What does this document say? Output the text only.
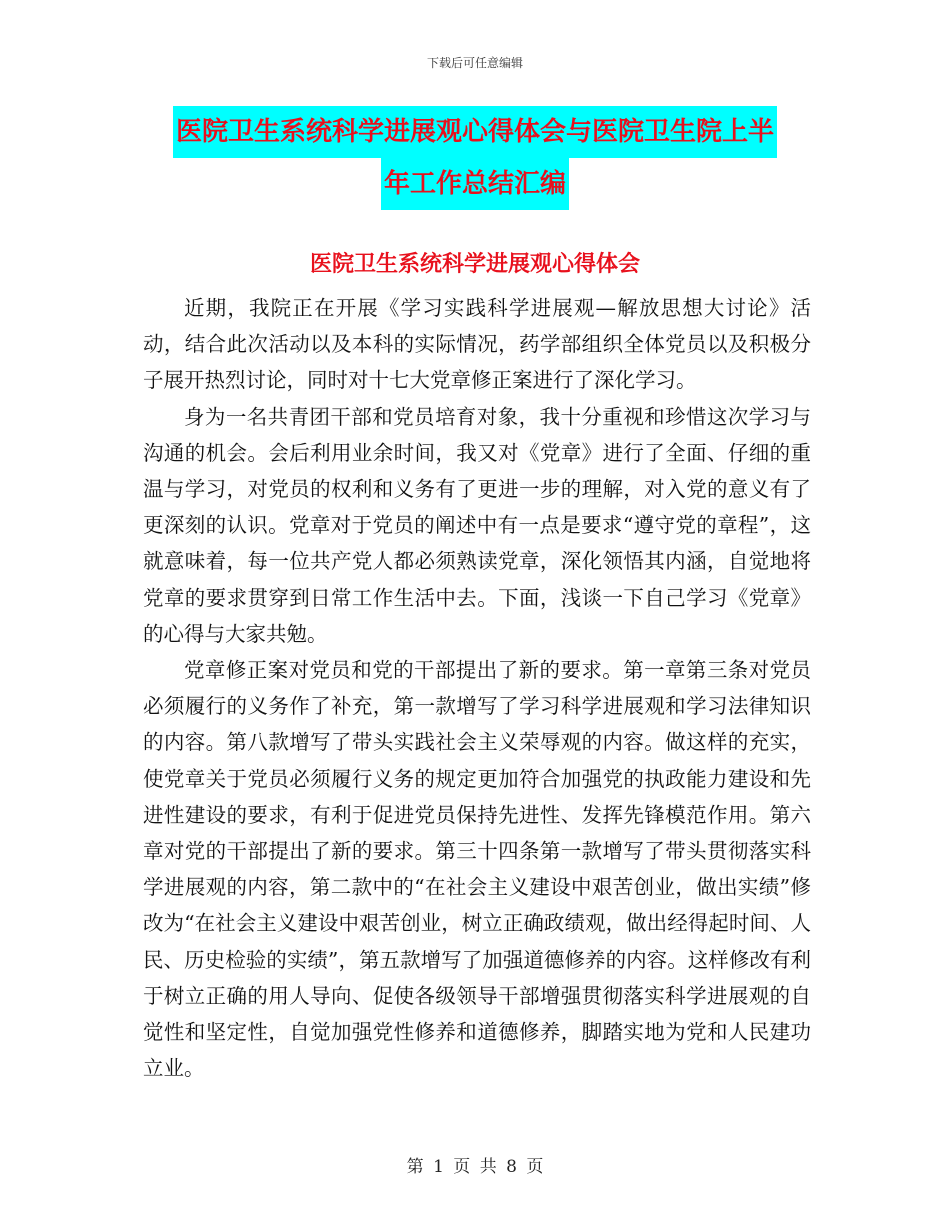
下载后可任意编辑
医院卫生系统科学进展观心得体会与医院卫生院上半
年工作总结汇编
医院卫生系统科学进展观心得体会

近期，我院正在开展《学习实践科学进展观—解放思想大讨论》活动，结合此次活动以及本科的实际情况，药学部组织全体党员以及积极分子展开热烈讨论，同时对十七大党章修正案进行了深化学习。

身为一名共青团干部和党员培育对象，我十分重视和珍惜这次学习与沟通的机会。会后利用业余时间，我又对《党章》进行了全面、仔细的重温与学习，对党员的权利和义务有了更进一步的理解，对入党的意义有了更深刻的认识。党章对于党员的阐述中有一点是要求“遵守党的章程”，这就意味着，每一位共产党人都必须熟读党章，深化领悟其内涵，自觉地将党章的要求贯穿到日常工作生活中去。下面，浅谈一下自己学习《党章》的心得与大家共勉。

党章修正案对党员和党的干部提出了新的要求。第一章第三条对党员必须履行的义务作了补充，第一款增写了学习科学进展观和学习法律知识的内容。第八款增写了带头实践社会主义荣辱观的内容。做这样的充实，使党章关于党员必须履行义务的规定更加符合加强党的执政能力建设和先进性建设的要求，有利于促进党员保持先进性、发挥先锋模范作用。第六章对党的干部提出了新的要求。第三十四条第一款增写了带头贯彻落实科学进展观的内容，第二款中的“在社会主义建设中艰苦创业，做出实绩”修改为“在社会主义建设中艰苦创业，树立正确政绩观，做出经得起时间、人民、历史检验的实绩”，第五款增写了加强道德修养的内容。这样修改有利于树立正确的用人导向、促使各级领导干部增强贯彻落实科学进展观的自觉性和坚定性，自觉加强党性修养和道德修养，脚踏实地为党和人民建功立业。

第 1 页 共 8 页
